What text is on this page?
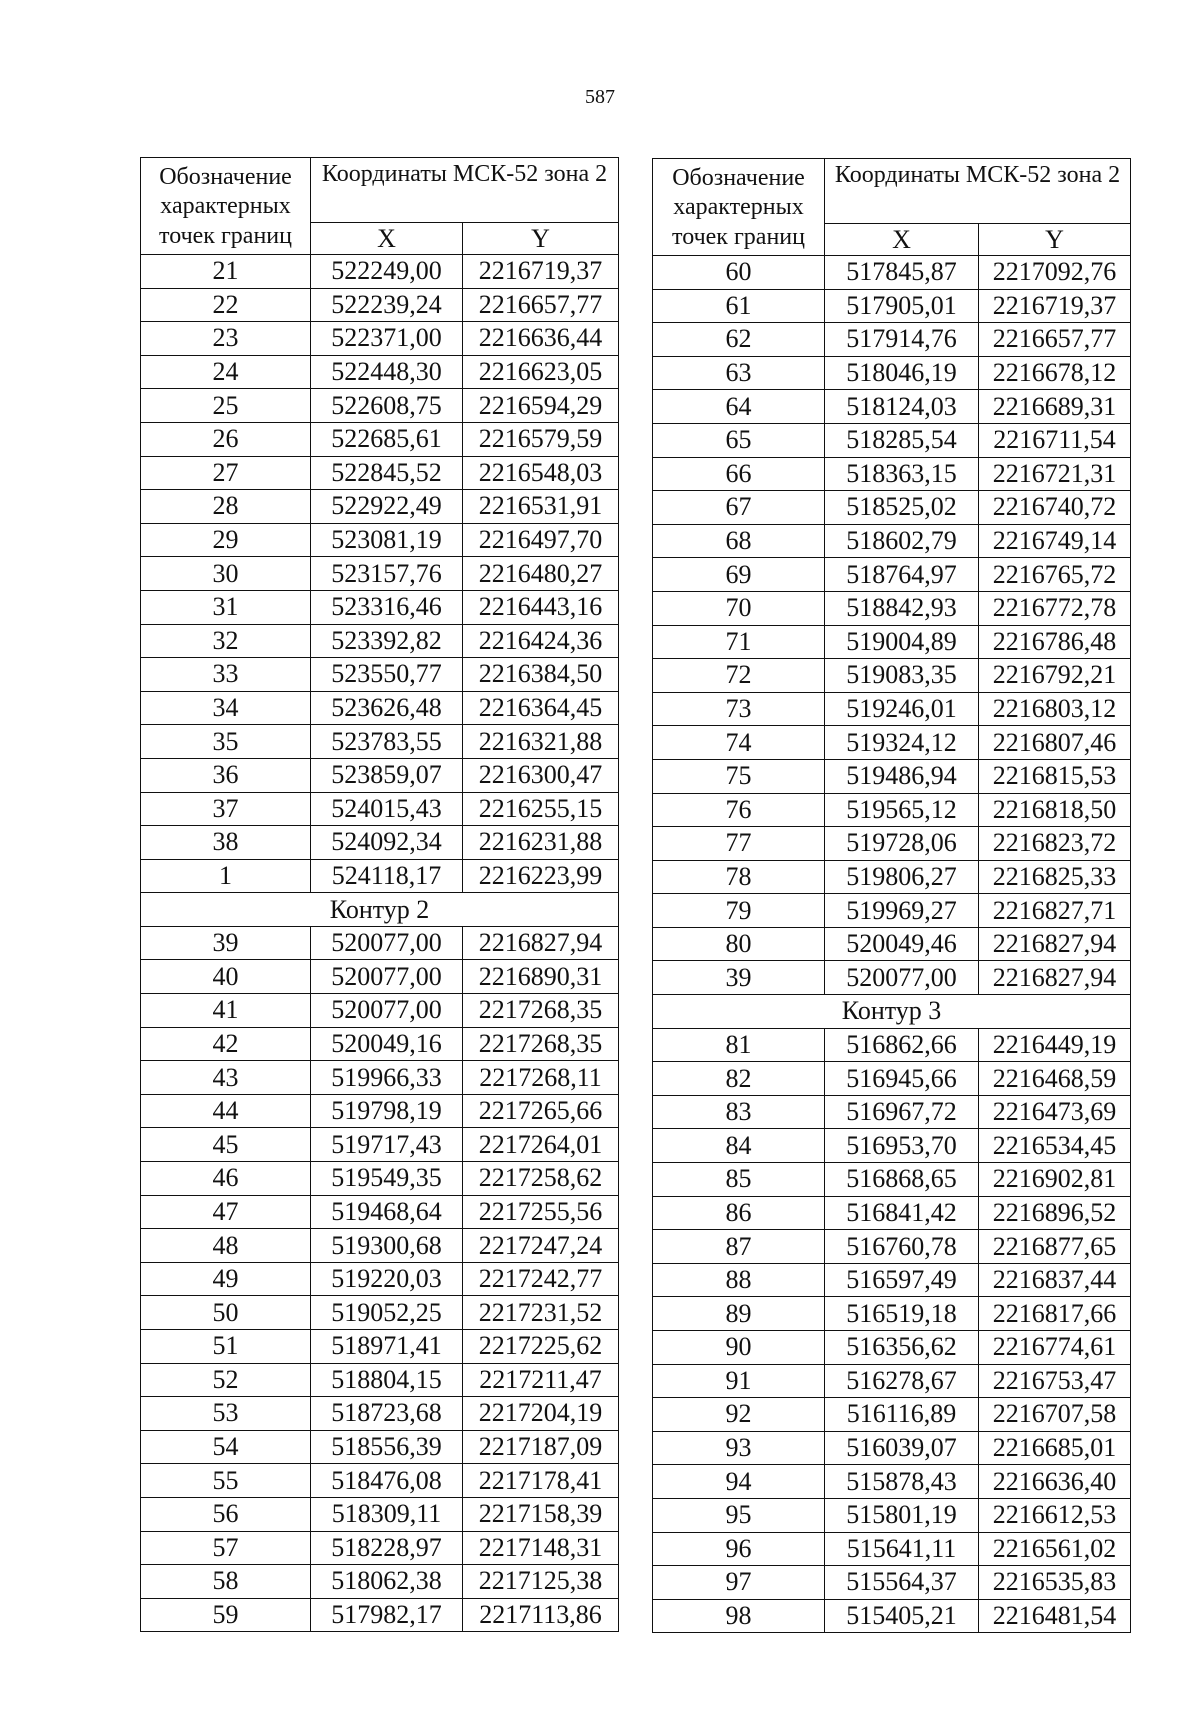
587
Обозначение характерных точек границ	Координаты МСК-52 зона 2	
	X	Y
21	522249,00	2216719,37
22	522239,24	2216657,77
23	522371,00	2216636,44
24	522448,30	2216623,05
25	522608,75	2216594,29
26	522685,61	2216579,59
27	522845,52	2216548,03
28	522922,49	2216531,91
29	523081,19	2216497,70
30	523157,76	2216480,27
31	523316,46	2216443,16
32	523392,82	2216424,36
33	523550,77	2216384,50
34	523626,48	2216364,45
35	523783,55	2216321,88
36	523859,07	2216300,47
37	524015,43	2216255,15
38	524092,34	2216231,88
1	524118,17	2216223,99
Контур 2		
39	520077,00	2216827,94
40	520077,00	2216890,31
41	520077,00	2217268,35
42	520049,16	2217268,35
43	519966,33	2217268,11
44	519798,19	2217265,66
45	519717,43	2217264,01
46	519549,35	2217258,62
47	519468,64	2217255,56
48	519300,68	2217247,24
49	519220,03	2217242,77
50	519052,25	2217231,52
51	518971,41	2217225,62
52	518804,15	2217211,47
53	518723,68	2217204,19
54	518556,39	2217187,09
55	518476,08	2217178,41
56	518309,11	2217158,39
57	518228,97	2217148,31
58	518062,38	2217125,38
59	517982,17	2217113,86
Обозначение характерных точек границ	Координаты МСК-52 зона 2	
	X	Y
60	517845,87	2217092,76
61	517905,01	2216719,37
62	517914,76	2216657,77
63	518046,19	2216678,12
64	518124,03	2216689,31
65	518285,54	2216711,54
66	518363,15	2216721,31
67	518525,02	2216740,72
68	518602,79	2216749,14
69	518764,97	2216765,72
70	518842,93	2216772,78
71	519004,89	2216786,48
72	519083,35	2216792,21
73	519246,01	2216803,12
74	519324,12	2216807,46
75	519486,94	2216815,53
76	519565,12	2216818,50
77	519728,06	2216823,72
78	519806,27	2216825,33
79	519969,27	2216827,71
80	520049,46	2216827,94
39	520077,00	2216827,94
Контур 3		
81	516862,66	2216449,19
82	516945,66	2216468,59
83	516967,72	2216473,69
84	516953,70	2216534,45
85	516868,65	2216902,81
86	516841,42	2216896,52
87	516760,78	2216877,65
88	516597,49	2216837,44
89	516519,18	2216817,66
90	516356,62	2216774,61
91	516278,67	2216753,47
92	516116,89	2216707,58
93	516039,07	2216685,01
94	515878,43	2216636,40
95	515801,19	2216612,53
96	515641,11	2216561,02
97	515564,37	2216535,83
98	515405,21	2216481,54
